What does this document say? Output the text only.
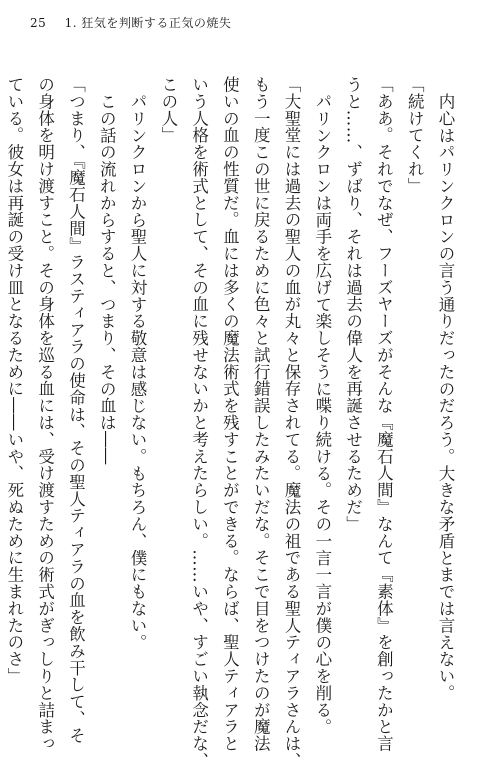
25 1. 狂気を判断する正気の焼失

内心はパリンクロンの言う通りだったのだろう。大きな矛盾とまでは言えない。

「続けてくれ」

「ああ。それでなぜ、フーズヤーズがそんな『魔石人間』なんて『素体』を創ったかと言

うと……、ずばり、それは過去の偉人を再誕させるためだ」

パリンクロンは両手を広げて楽しそうに喋り続ける。その一言一言が僕の心を削る。

「大聖堂には過去の聖人の血が丸々と保存されてる。魔法の祖である聖人ティアラさんは、

もう一度この世に戻るために色々と試行錯誤したみたいだな。そこで目をつけたのが魔法

使いの血の性質だ。血には多くの魔法術式を残すことができる。ならば、聖人ティアラと

いう人格を術式として、その血に残せないかと考えたらしい。……いや、すごい執念だな、

この人」

パリンクロンから聖人に対する敬意は感じない。もちろん、僕にもない。

この話の流れからすると、つまり、その血は――

「つまり、『魔石人間』ラスティアラの使命は、その聖人ティアラの血を飲み干して、そ

の身体を明け渡すこと。その身体を巡る血には、受け渡すための術式がぎっしりと詰まっ

ている。彼女は再誕の受け皿となるために――いや、死ぬために生まれたのさ」
